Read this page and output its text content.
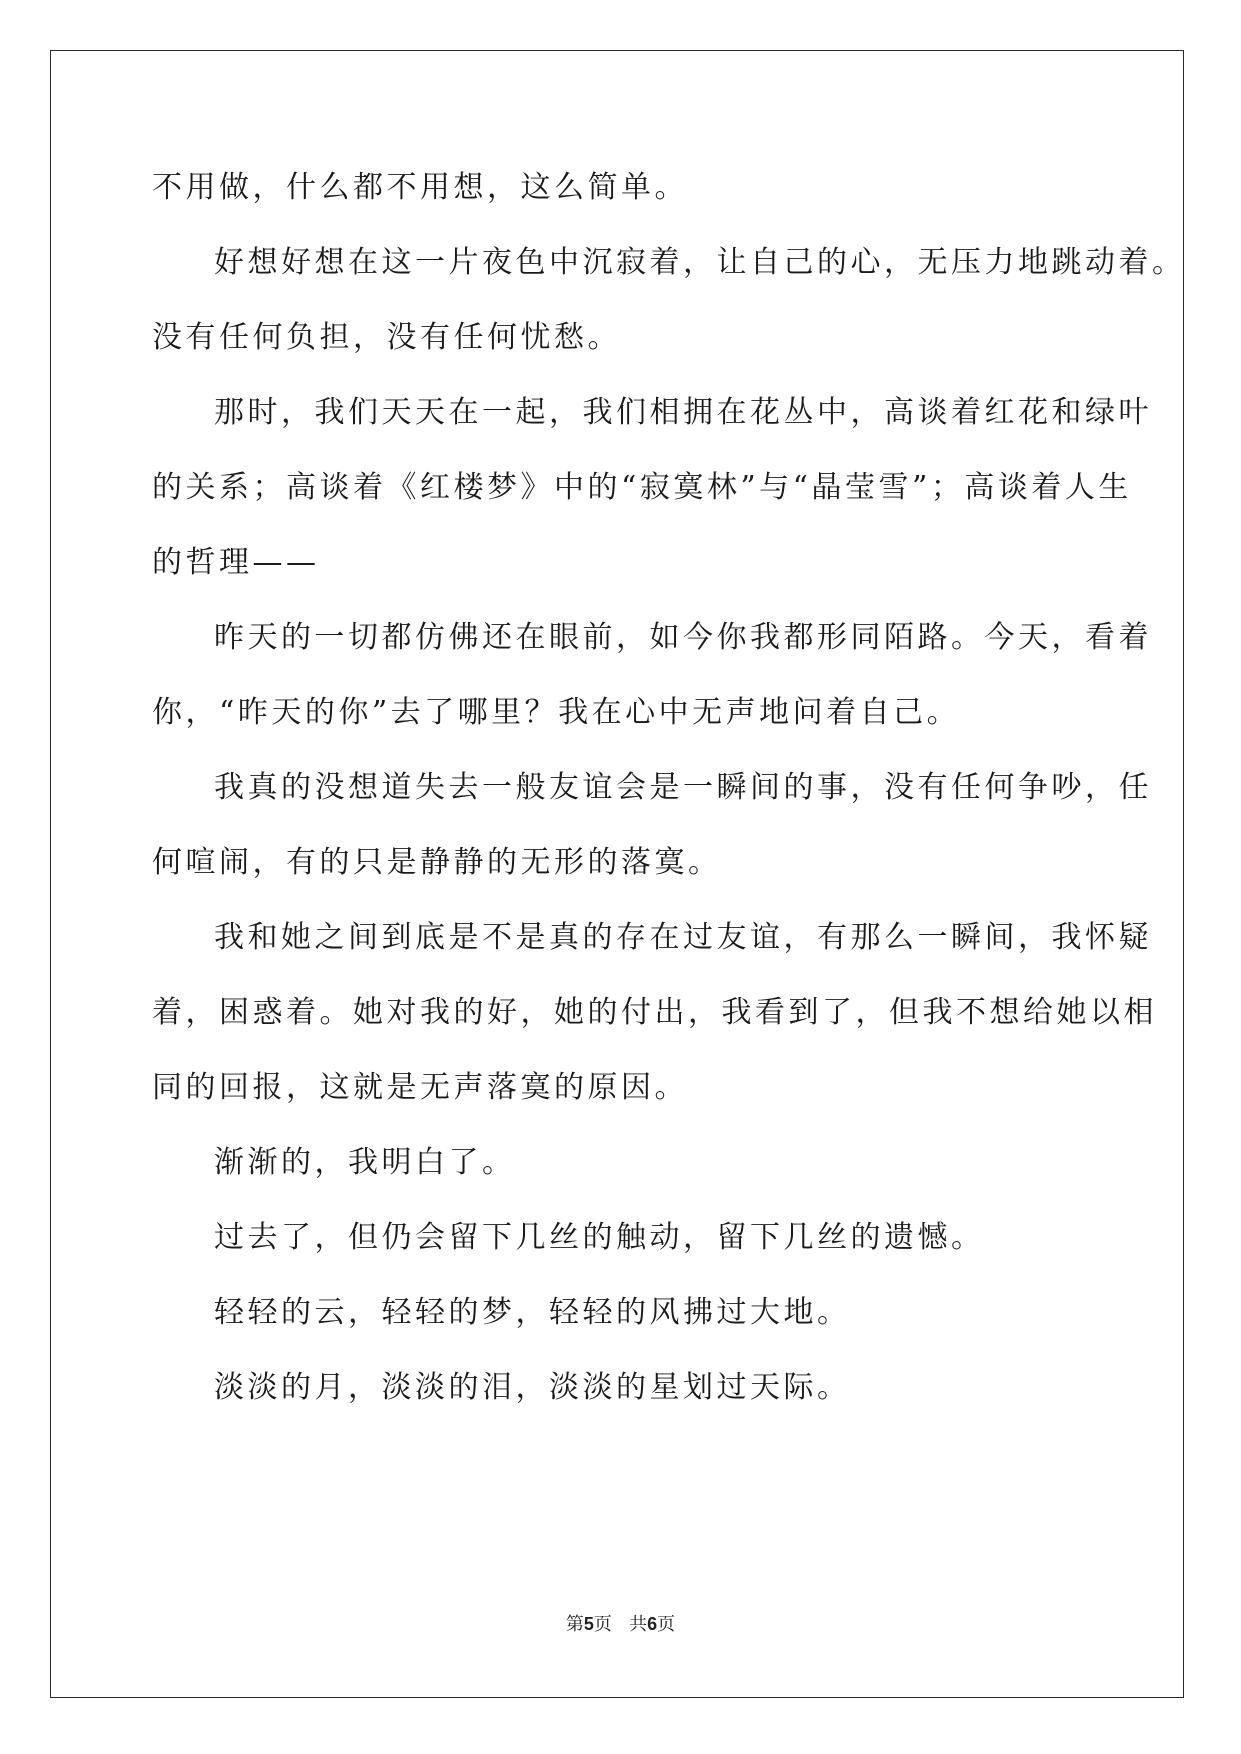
不用做，什么都不用想，这么简单。
好想好想在这一片夜色中沉寂着，让自己的心，无压力地跳动着。
没有任何负担，没有任何忧愁。
那时，我们天天在一起，我们相拥在花丛中，高谈着红花和绿叶
的关系；高谈着《红楼梦》中的“寂寞林”与“晶莹雪”；高谈着人生
的哲理——
昨天的一切都仿佛还在眼前，如今你我都形同陌路。今天，看着
你，“昨天的你”去了哪里？我在心中无声地问着自己。
我真的没想道失去一般友谊会是一瞬间的事，没有任何争吵，任
何喧闹，有的只是静静的无形的落寞。
我和她之间到底是不是真的存在过友谊，有那么一瞬间，我怀疑
着，困惑着。她对我的好，她的付出，我看到了，但我不想给她以相
同的回报，这就是无声落寞的原因。
渐渐的，我明白了。
过去了，但仍会留下几丝的触动，留下几丝的遗憾。
轻轻的云，轻轻的梦，轻轻的风拂过大地。
淡淡的月，淡淡的泪，淡淡的星划过天际。
第5页 共6页
